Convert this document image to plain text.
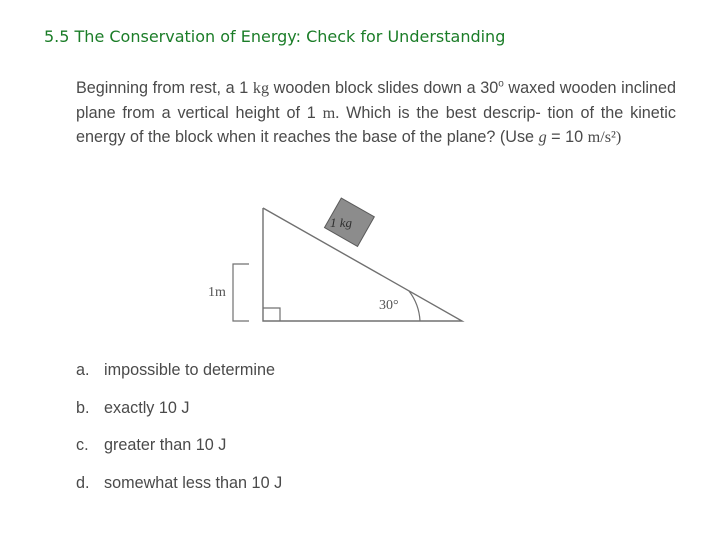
5.5 The Conservation of Energy: Check for Understanding
Beginning from rest, a 1 kg wooden block slides down a 30$^o$ waxed wooden inclined plane from a vertical height of 1 m. Which is the best descrip- tion of the kinetic energy of the block when it reaches the base of the plane? (Use g = 10 m/s²)
1m
30°
1 kg
a. impossible to determine
b. exactly 10 J
c. greater than 10 J
d. somewhat less than 10 J
